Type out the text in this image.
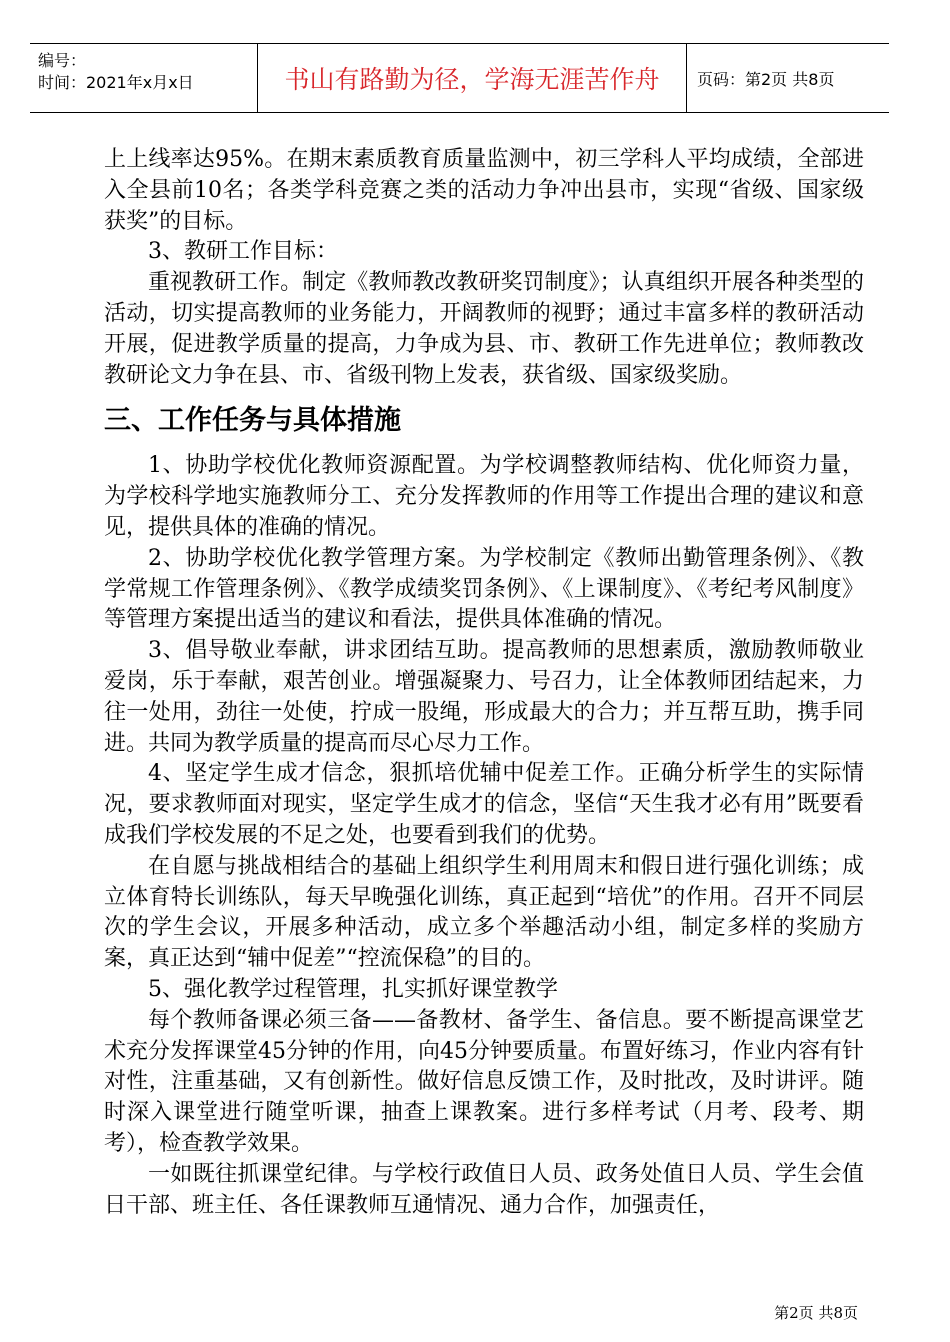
编号：
时间：2021年x月x日	书山有路勤为径，学海无涯苦作舟 页码：第2页 共8页

上上线率达95%。在期末素质教育质量监测中，初三学科人平均成绩，全部进入全县前10名；各类学科竞赛之类的活动力争冲出县市，实现“省级、国家级获奖”的目标。

3、教研工作目标：

重视教研工作。制定《教师教改教研奖罚制度》；认真组织开展各种类型的活动，切实提高教师的业务能力，开阔教师的视野；通过丰富多样的教研活动开展，促进教学质量的提高，力争成为县、市、教研工作先进单位；教师教改教研论文力争在县、市、省级刊物上发表，获省级、国家级奖励。

三、工作任务与具体措施

1、协助学校优化教师资源配置。为学校调整教师结构、优化师资力量，为学校科学地实施教师分工、充分发挥教师的作用等工作提出合理的建议和意见，提供具体的准确的情况。

2、协助学校优化教学管理方案。为学校制定《教师出勤管理条例》、《教学常规工作管理条例》、《教学成绩奖罚条例》、《上课制度》、《考纪考风制度》等管理方案提出适当的建议和看法，提供具体准确的情况。

3、倡导敬业奉献，讲求团结互助。提高教师的思想素质，激励教师敬业爱岗，乐于奉献，艰苦创业。增强凝聚力、号召力，让全体教师团结起来，力往一处用，劲往一处使，拧成一股绳，形成最大的合力；并互帮互助，携手同进。共同为教学质量的提高而尽心尽力工作。

4、坚定学生成才信念，狠抓培优辅中促差工作。正确分析学生的实际情况，要求教师面对现实，坚定学生成才的信念，坚信“天生我才必有用”既要看成我们学校发展的不足之处，也要看到我们的优势。

在自愿与挑战相结合的基础上组织学生利用周末和假日进行强化训练；成立体育特长训练队，每天早晚强化训练，真正起到“培优”的作用。召开不同层次的学生会议，开展多种活动，成立多个举趣活动小组，制定多样的奖励方案，真正达到“辅中促差”“控流保稳”的目的。

5、强化教学过程管理，扎实抓好课堂教学

每个教师备课必须三备——备教材、备学生、备信息。要不断提高课堂艺术充分发挥课堂45分钟的作用，向45分钟要质量。布置好练习，作业内容有针对性，注重基础，又有创新性。做好信息反馈工作，及时批改，及时讲评。随时深入课堂进行随堂听课，抽查上课教案。进行多样考试（月考、段考、期考），检查教学效果。

一如既往抓课堂纪律。与学校行政值日人员、政务处值日人员、学生会值日干部、班主任、各任课教师互通情况、通力合作，加强责任，

第2页 共8页
